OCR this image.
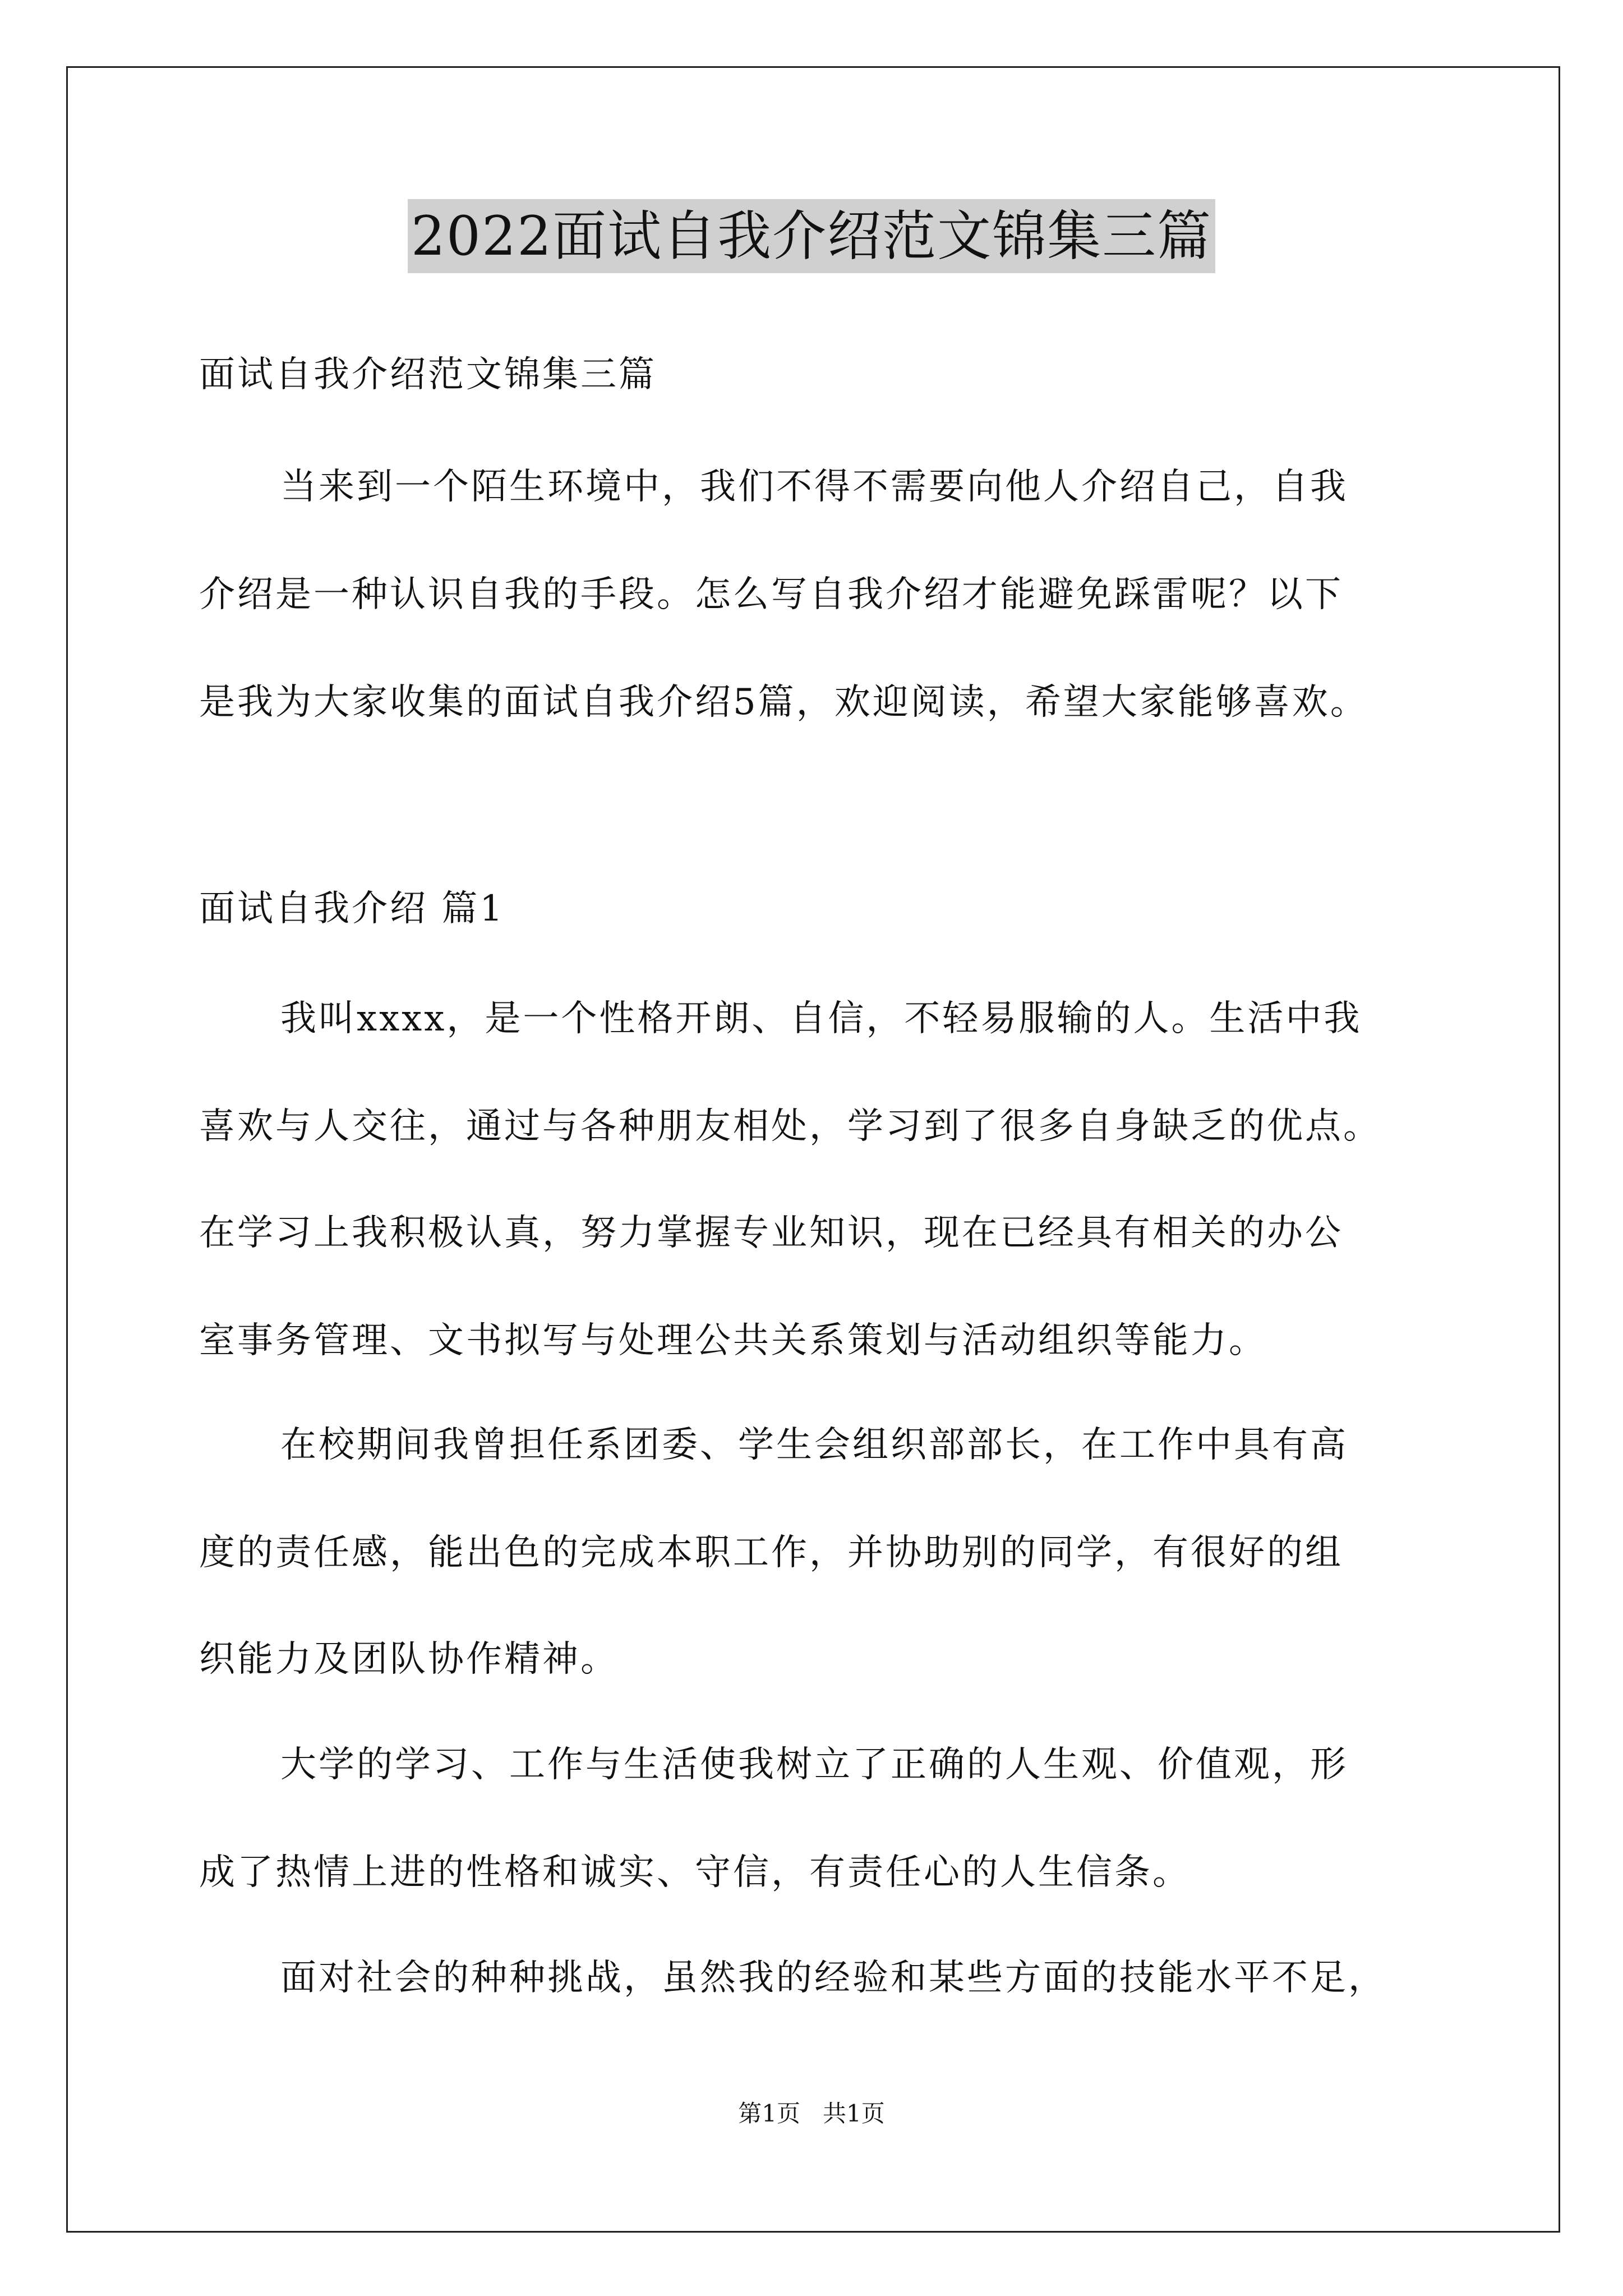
2022面试自我介绍范文锦集三篇
面试自我介绍范文锦集三篇
当来到一个陌生环境中，我们不得不需要向他人介绍自己，自我
介绍是一种认识自我的手段。怎么写自我介绍才能避免踩雷呢？以下
是我为大家收集的面试自我介绍5篇，欢迎阅读，希望大家能够喜欢。
面试自我介绍 篇1
我叫xxxx，是一个性格开朗、自信，不轻易服输的人。生活中我
喜欢与人交往，通过与各种朋友相处，学习到了很多自身缺乏的优点。
在学习上我积极认真，努力掌握专业知识，现在已经具有相关的办公
室事务管理、文书拟写与处理公共关系策划与活动组织等能力。
在校期间我曾担任系团委、学生会组织部部长，在工作中具有高
度的责任感，能出色的完成本职工作，并协助别的同学，有很好的组
织能力及团队协作精神。
大学的学习、工作与生活使我树立了正确的人生观、价值观，形
成了热情上进的性格和诚实、守信，有责任心的人生信条。
面对社会的种种挑战，虽然我的经验和某些方面的技能水平不足，
第1页   共1页
